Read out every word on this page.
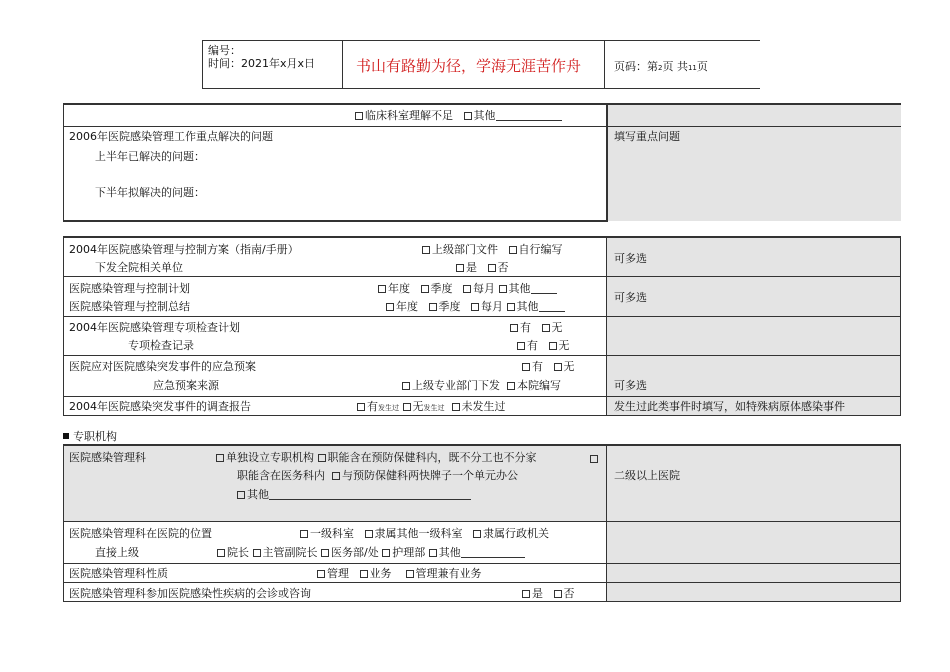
编号：
时间：2021年x月x日	书山有路勤为径，学海无涯苦作舟	页码：第2页 共11页
临床科室理解不足 其他
2006年医院感染管理工作重点解决的问题
上半年已解决的问题：
下半年拟解决的问题：
填写重点问题
2004年医院感染管理与控制方案（指南/手册）	上级部门文件 自行编写
下发全院相关单位	是 否
可多选
医院感染管理与控制计划	年度 季度 每月 其他
医院感染管理与控制总结	年度 季度 每月 其他
可多选
2004年医院感染管理专项检查计划	有 无
专项检查记录	有 无
医院应对医院感染突发事件的应急预案	有 无
应急预案来源	上级专业部门下发 本院编写	可多选
2004年医院感染突发事件的调查报告	有发生过 无发生过 未发生过	发生过此类事件时填写，如特殊病原体感染事件
专职机构
医院感染管理科	单独设立专职机构 职能含在预防保健科内，既不分工也不分家
职能含在医务科内 与预防保健科两快牌子一个单元办公
其他
二级以上医院
医院感染管理科在医院的位置	一级科室 隶属其他一级科室 隶属行政机关
直接上级	院长 主管副院长 医务部/处 护理部 其他
医院感染管理科性质	管理 业务 管理兼有业务
医院感染管理科参加医院感染性疾病的会诊或咨询	是 否
